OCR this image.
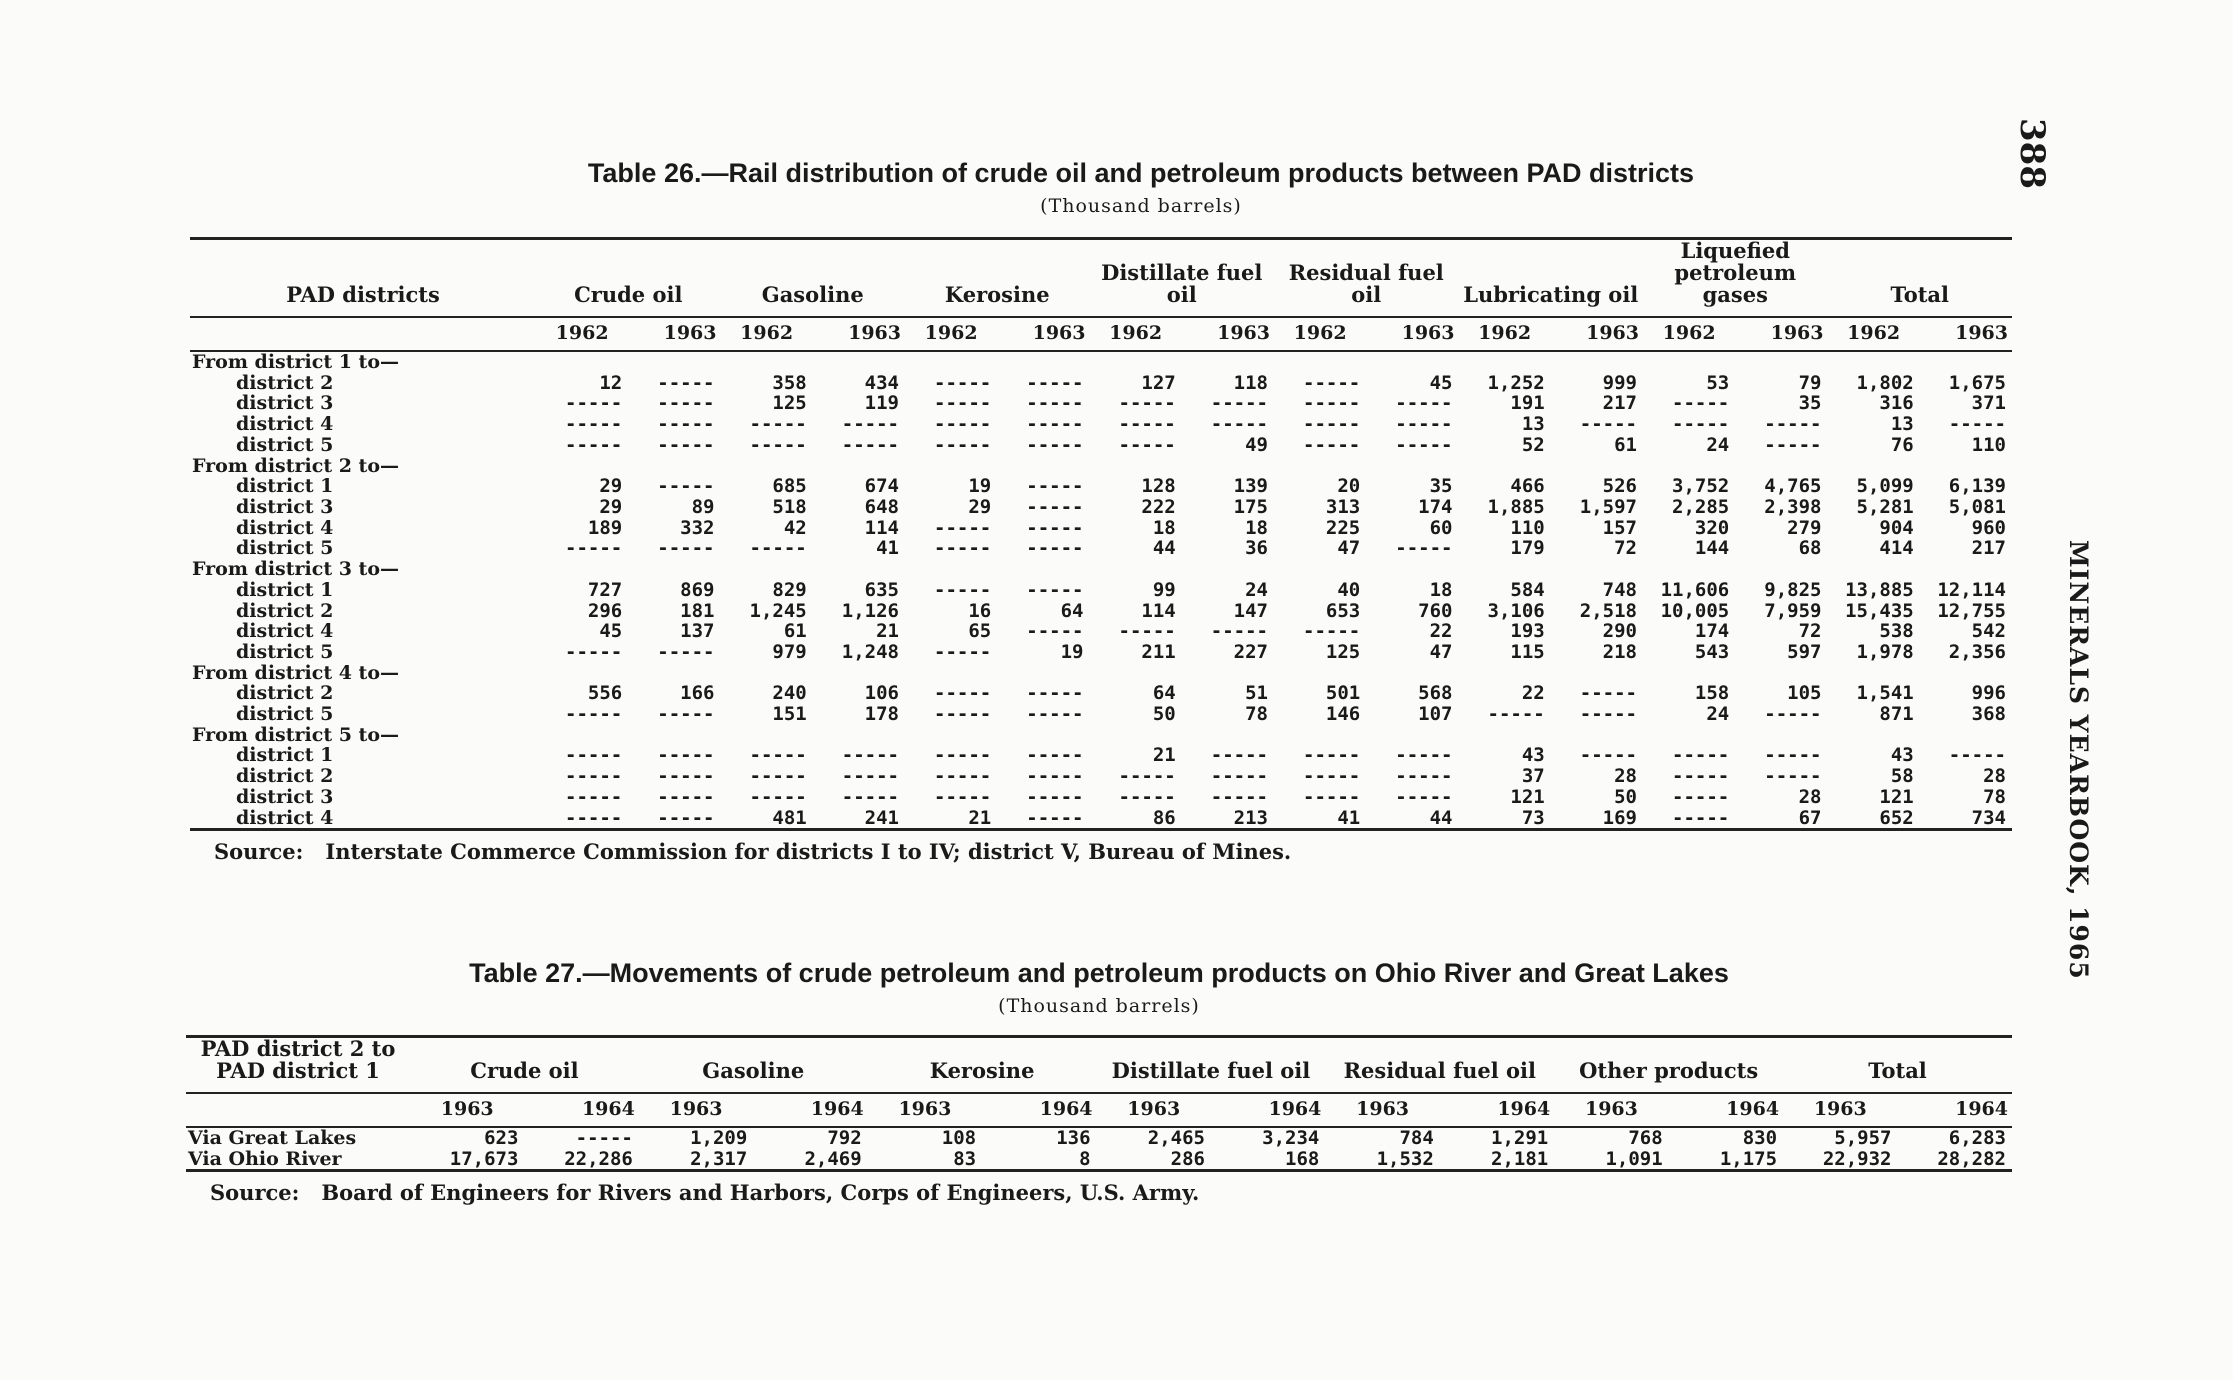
388
MINERALS YEARBOOK, 1965
Table 26.—Rail distribution of crude oil and petroleum products between PAD districts
(Thousand barrels)
PAD districts	Crude oil		Gasoline		Kerosine		Distillate fuel oil		Residual fuel oil		Lubricating oil		Liquefied petroleum gases		Total	
	1962	1963	1962	1963	1962	1963	1962	1963	1962	1963	1962	1963	1962	1963	1962	1963
From district 1 to—																
district 2	12	-----	358	434	-----	-----	127	118	-----	45	1,252	999	53	79	1,802	1,675
district 3	-----	-----	125	119	-----	-----	-----	-----	-----	-----	191	217	-----	35	316	371
district 4	-----	-----	-----	-----	-----	-----	-----	-----	-----	-----	13	-----	-----	-----	13	-----
district 5	-----	-----	-----	-----	-----	-----	-----	49	-----	-----	52	61	24	-----	76	110
From district 2 to—																
district 1	29	-----	685	674	19	-----	128	139	20	35	466	526	3,752	4,765	5,099	6,139
district 3	29	89	518	648	29	-----	222	175	313	174	1,885	1,597	2,285	2,398	5,281	5,081
district 4	189	332	42	114	-----	-----	18	18	225	60	110	157	320	279	904	960
district 5	-----	-----	-----	41	-----	-----	44	36	47	-----	179	72	144	68	414	217
From district 3 to—																
district 1	727	869	829	635	-----	-----	99	24	40	18	584	748	11,606	9,825	13,885	12,114
district 2	296	181	1,245	1,126	16	64	114	147	653	760	3,106	2,518	10,005	7,959	15,435	12,755
district 4	45	137	61	21	65	-----	-----	-----	-----	22	193	290	174	72	538	542
district 5	-----	-----	979	1,248	-----	19	211	227	125	47	115	218	543	597	1,978	2,356
From district 4 to—																
district 2	556	166	240	106	-----	-----	64	51	501	568	22	-----	158	105	1,541	996
district 5	-----	-----	151	178	-----	-----	50	78	146	107	-----	-----	24	-----	871	368
From district 5 to—																
district 1	-----	-----	-----	-----	-----	-----	21	-----	-----	-----	43	-----	-----	-----	43	-----
district 2	-----	-----	-----	-----	-----	-----	-----	-----	-----	-----	37	28	-----	-----	58	28
district 3	-----	-----	-----	-----	-----	-----	-----	-----	-----	-----	121	50	-----	28	121	78
district 4	-----	-----	481	241	21	-----	86	213	41	44	73	169	-----	67	652	734
Source: Interstate Commerce Commission for districts I to IV; district V, Bureau of Mines.
Table 27.—Movements of crude petroleum and petroleum products on Ohio River and Great Lakes
(Thousand barrels)
PAD district 2 to PAD district 1	Crude oil		Gasoline		Kerosine		Distillate fuel oil		Residual fuel oil		Other products		Total	
	1963	1964	1963	1964	1963	1964	1963	1964	1963	1964	1963	1964	1963	1964
Via Great Lakes	623	-----	1,209	792	108	136	2,465	3,234	784	1,291	768	830	5,957	6,283
Via Ohio River	17,673	22,286	2,317	2,469	83	8	286	168	1,532	2,181	1,091	1,175	22,932	28,282
Source: Board of Engineers for Rivers and Harbors, Corps of Engineers, U.S. Army.
